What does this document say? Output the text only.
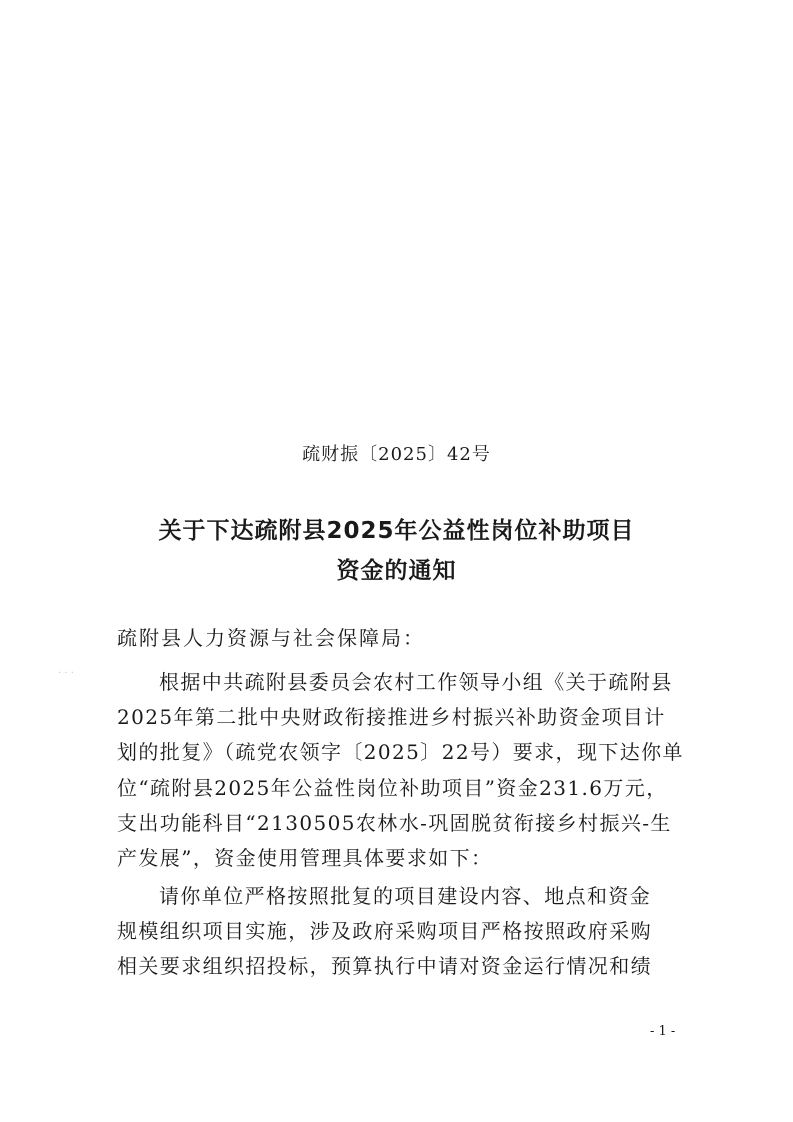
· · ·
疏财振〔2025〕42号
关于下达疏附县2025年公益性岗位补助项目
资金的通知
疏附县人力资源与社会保障局：
根据中共疏附县委员会农村工作领导小组《关于疏附县
2025年第二批中央财政衔接推进乡村振兴补助资金项目计
划的批复》（疏党农领字〔2025〕22号）要求，现下达你单
位“疏附县2025年公益性岗位补助项目”资金231.6万元，
支出功能科目“2130505农林水-巩固脱贫衔接乡村振兴-生
产发展”，资金使用管理具体要求如下：
请你单位严格按照批复的项目建设内容、地点和资金
规模组织项目实施，涉及政府采购项目严格按照政府采购
相关要求组织招投标，预算执行中请对资金运行情况和绩
- 1 -
